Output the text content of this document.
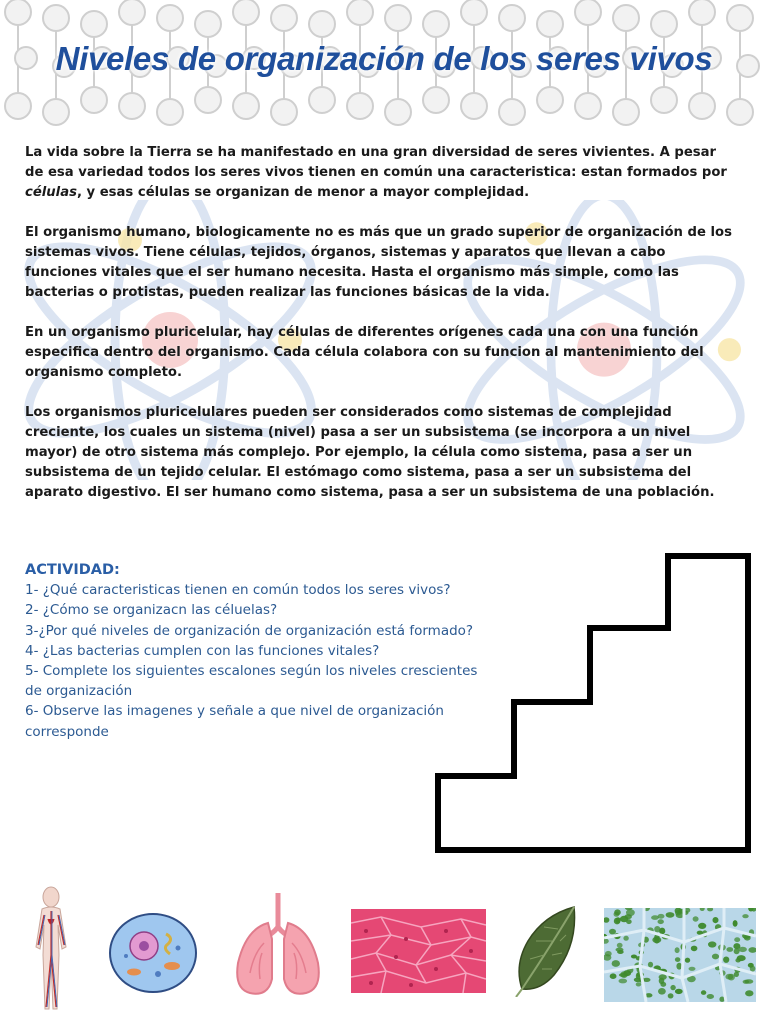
Niveles de organización de los seres vivos
La vida sobre la Tierra se ha manifestado en una gran diversidad de seres vivientes. A pesar de esa variedad todos los seres vivos tienen en común una caracteristica: estan formados por células, y esas células se organizan de menor a mayor complejidad.
El organismo humano, biologicamente no es más que un grado superior de organización de los sistemas vivos. Tiene células, tejidos, órganos, sistemas y aparatos que llevan a cabo funciones vitales que el ser humano necesita. Hasta el organismo más simple, como las bacterias o protistas, pueden realizar las funciones básicas de la vida.
En un organismo pluricelular, hay células de diferentes orígenes cada una con una función especifica dentro del organismo. Cada célula colabora con su funcion al mantenimiento del organismo completo.
Los organismos pluricelulares pueden ser considerados como sistemas de complejidad creciente, los cuales un sistema (nivel) pasa a ser un subsistema (se incorpora a un nivel mayor) de otro sistema más complejo. Por ejemplo, la célula como sistema, pasa a ser un subsistema de un tejido celular. El estómago como sistema, pasa a ser un subsistema del aparato digestivo. El ser humano como sistema, pasa a ser un subsistema de una población.
ACTIVIDAD:
1- ¿Qué caracteristicas tienen en común todos los seres vivos?
2- ¿Cómo se organizacn las céluelas?
3-¿Por qué niveles de organización de organización está formado?
4- ¿Las bacterias cumplen con las funciones vitales?
5- Complete los siguientes escalones según los niveles crescientes de organización
6- Observe las imagenes y señale a que nivel de organización corresponde
